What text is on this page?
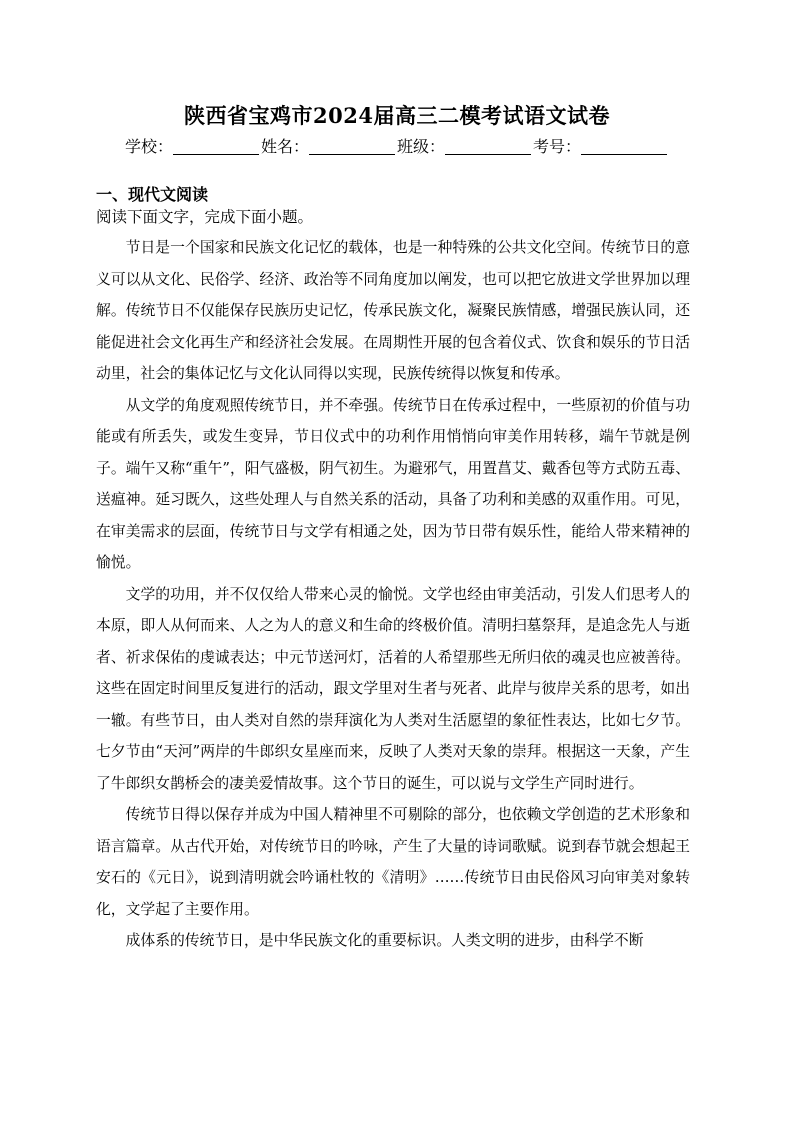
陕西省宝鸡市2024届高三二模考试语文试卷
学校：	姓名：	班级：	考号：
一、现代文阅读
阅读下面文字，完成下面小题。

节日是一个国家和民族文化记忆的载体，也是一种特殊的公共文化空间。传统节日的意义可以从文化、民俗学、经济、政治等不同角度加以阐发，也可以把它放进文学世界加以理解。传统节日不仅能保存民族历史记忆，传承民族文化，凝聚民族情感，增强民族认同，还能促进社会文化再生产和经济社会发展。在周期性开展的包含着仪式、饮食和娱乐的节日活动里，社会的集体记忆与文化认同得以实现，民族传统得以恢复和传承。

从文学的角度观照传统节日，并不牵强。传统节日在传承过程中，一些原初的价值与功能或有所丢失，或发生变异，节日仪式中的功利作用悄悄向审美作用转移，端午节就是例子。端午又称“重午”，阳气盛极，阴气初生。为避邪气，用置菖艾、戴香包等方式防五毒、送瘟神。延习既久，这些处理人与自然关系的活动，具备了功利和美感的双重作用。可见，在审美需求的层面，传统节日与文学有相通之处，因为节日带有娱乐性，能给人带来精神的愉悦。

文学的功用，并不仅仅给人带来心灵的愉悦。文学也经由审美活动，引发人们思考人的本原，即人从何而来、人之为人的意义和生命的终极价值。清明扫墓祭拜，是追念先人与逝者、祈求保佑的虔诚表达；中元节送河灯，活着的人希望那些无所归依的魂灵也应被善待。这些在固定时间里反复进行的活动，跟文学里对生者与死者、此岸与彼岸关系的思考，如出一辙。有些节日，由人类对自然的崇拜演化为人类对生活愿望的象征性表达，比如七夕节。七夕节由“天河”两岸的牛郎织女星座而来，反映了人类对天象的崇拜。根据这一天象，产生了牛郎织女鹊桥会的凄美爱情故事。这个节日的诞生，可以说与文学生产同时进行。

传统节日得以保存并成为中国人精神里不可剔除的部分，也依赖文学创造的艺术形象和语言篇章。从古代开始，对传统节日的吟咏，产生了大量的诗词歌赋。说到春节就会想起王安石的《元日》，说到清明就会吟诵杜牧的《清明》……传统节日由民俗风习向审美对象转化，文学起了主要作用。

成体系的传统节日，是中华民族文化的重要标识。人类文明的进步，由科学不断
